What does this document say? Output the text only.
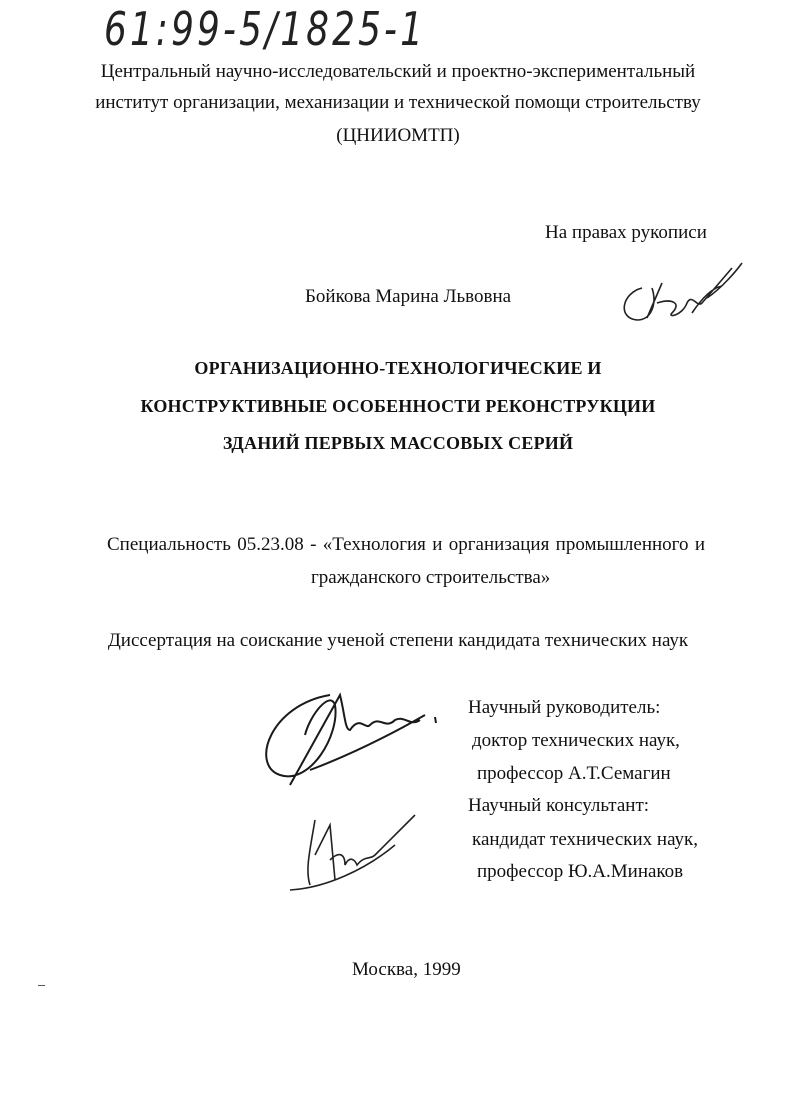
61:99-5/1825-1
Центральный научно-исследовательский и проектно-экспериментальный
институт организации, механизации и технической помощи строительству
(ЦНИИОМТП)
На правах рукописи
Бойкова Марина Львовна
ОРГАНИЗАЦИОННО-ТЕХНОЛОГИЧЕСКИЕ И
КОНСТРУКТИВНЫЕ ОСОБЕННОСТИ РЕКОНСТРУКЦИИ
ЗДАНИЙ ПЕРВЫХ МАССОВЫХ СЕРИЙ
Специальность 05.23.08 - «Технология и организация промышленного и
гражданского строительства»
Диссертация на соискание ученой степени кандидата технических наук
Научный руководитель:
доктор технических наук,
профессор А.Т.Семагин
Научный консультант:
кандидат технических наук,
профессор Ю.А.Минаков
Москва, 1999
